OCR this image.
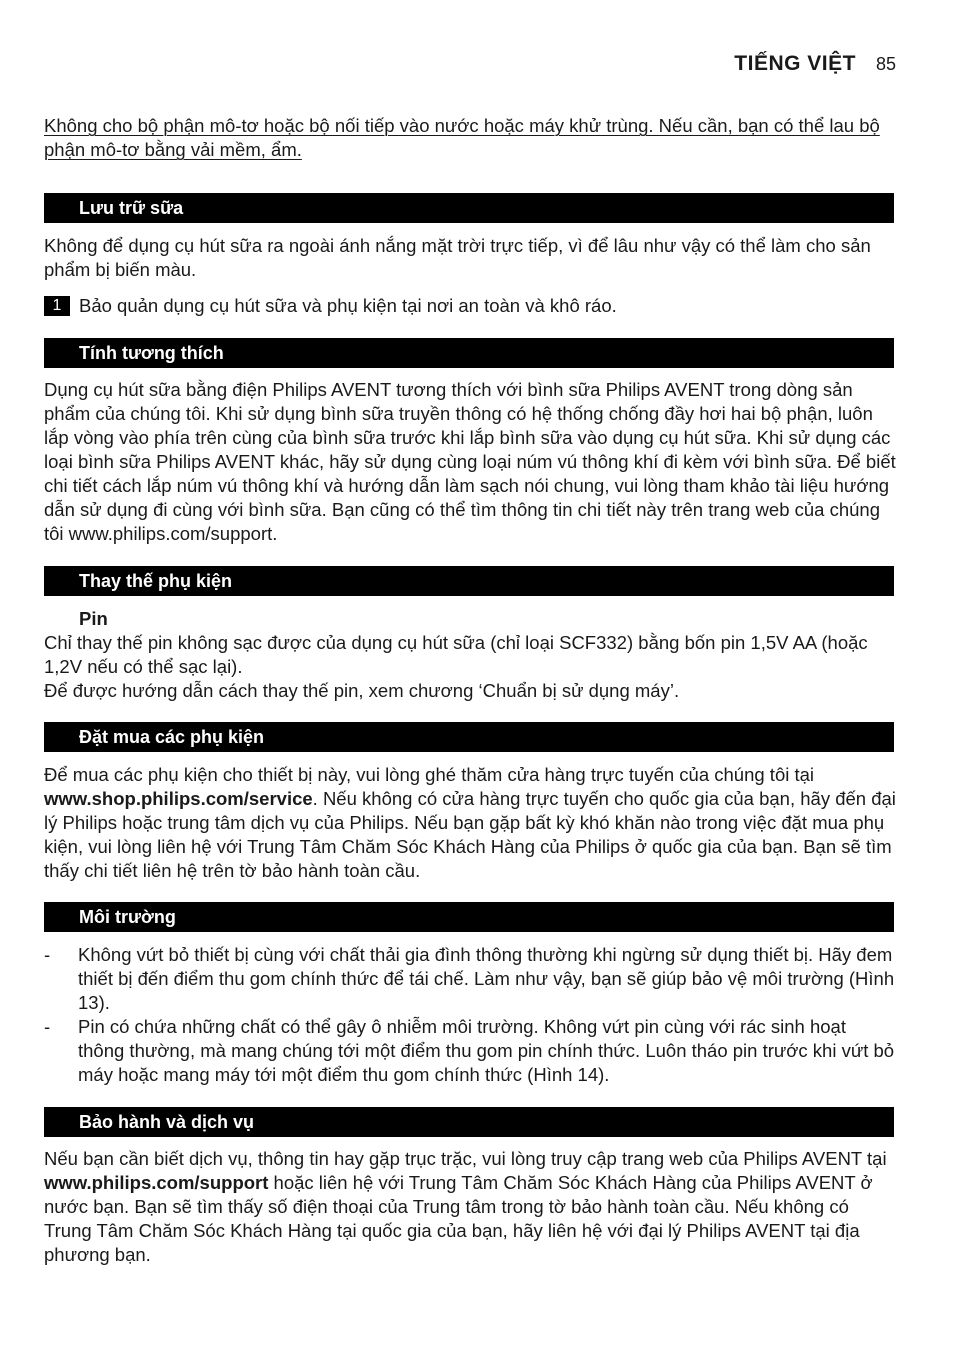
TIẾNG VIỆT 85
Không cho bộ phận mô-tơ hoặc bộ nối tiếp vào nước hoặc máy khử trùng. Nếu cần, bạn có thể lau bộ phận mô-tơ bằng vải mềm, ẩm.
Lưu trữ sữa
Không để dụng cụ hút sữa ra ngoài ánh nắng mặt trời trực tiếp, vì để lâu như vậy có thể làm cho sản phẩm bị biến màu.
1 Bảo quản dụng cụ hút sữa và phụ kiện tại nơi an toàn và khô ráo.
Tính tương thích
Dụng cụ hút sữa bằng điện Philips AVENT tương thích với bình sữa Philips AVENT trong dòng sản phẩm của chúng tôi. Khi sử dụng bình sữa truyền thông có hệ thống chống đầy hơi hai bộ phận, luôn lắp vòng vào phía trên cùng của bình sữa trước khi lắp bình sữa vào dụng cụ hút sữa. Khi sử dụng các loại bình sữa Philips AVENT khác, hãy sử dụng cùng loại núm vú thông khí đi kèm với bình sữa. Để biết chi tiết cách lắp núm vú thông khí và hướng dẫn làm sạch nói chung, vui lòng tham khảo tài liệu hướng dẫn sử dụng đi cùng với bình sữa. Bạn cũng có thể tìm thông tin chi tiết này trên trang web của chúng tôi www.philips.com/support.
Thay thế phụ kiện
Pin
Chỉ thay thế pin không sạc được của dụng cụ hút sữa (chỉ loại SCF332) bằng bốn pin 1,5V AA (hoặc 1,2V nếu có thể sạc lại).
Để được hướng dẫn cách thay thế pin, xem chương ‘Chuẩn bị sử dụng máy’.
Đặt mua các phụ kiện
Để mua các phụ kiện cho thiết bị này, vui lòng ghé thăm cửa hàng trực tuyến của chúng tôi tại www.shop.philips.com/service. Nếu không có cửa hàng trực tuyến cho quốc gia của bạn, hãy đến đại lý Philips hoặc trung tâm dịch vụ của Philips. Nếu bạn gặp bất kỳ khó khăn nào trong việc đặt mua phụ kiện, vui lòng liên hệ với Trung Tâm Chăm Sóc Khách Hàng của Philips ở quốc gia của bạn. Bạn sẽ tìm thấy chi tiết liên hệ trên tờ bảo hành toàn cầu.
Môi trường
-	Không vứt bỏ thiết bị cùng với chất thải gia đình thông thường khi ngừng sử dụng thiết bị. Hãy đem thiết bị đến điểm thu gom chính thức để tái chế. Làm như vậy, bạn sẽ giúp bảo vệ môi trường (Hình 13).
-	Pin có chứa những chất có thể gây ô nhiễm môi trường. Không vứt pin cùng với rác sinh hoạt thông thường, mà mang chúng tới một điểm thu gom pin chính thức. Luôn tháo pin trước khi vứt bỏ máy hoặc mang máy tới một điểm thu gom chính thức (Hình 14).
Bảo hành và dịch vụ
Nếu bạn cần biết dịch vụ, thông tin hay gặp trục trặc, vui lòng truy cập trang web của Philips AVENT tại www.philips.com/support hoặc liên hệ với Trung Tâm Chăm Sóc Khách Hàng của Philips AVENT ở nước bạn. Bạn sẽ tìm thấy số điện thoại của Trung tâm trong tờ bảo hành toàn cầu. Nếu không có Trung Tâm Chăm Sóc Khách Hàng tại quốc gia của bạn, hãy liên hệ với đại lý Philips AVENT tại địa phương bạn.
